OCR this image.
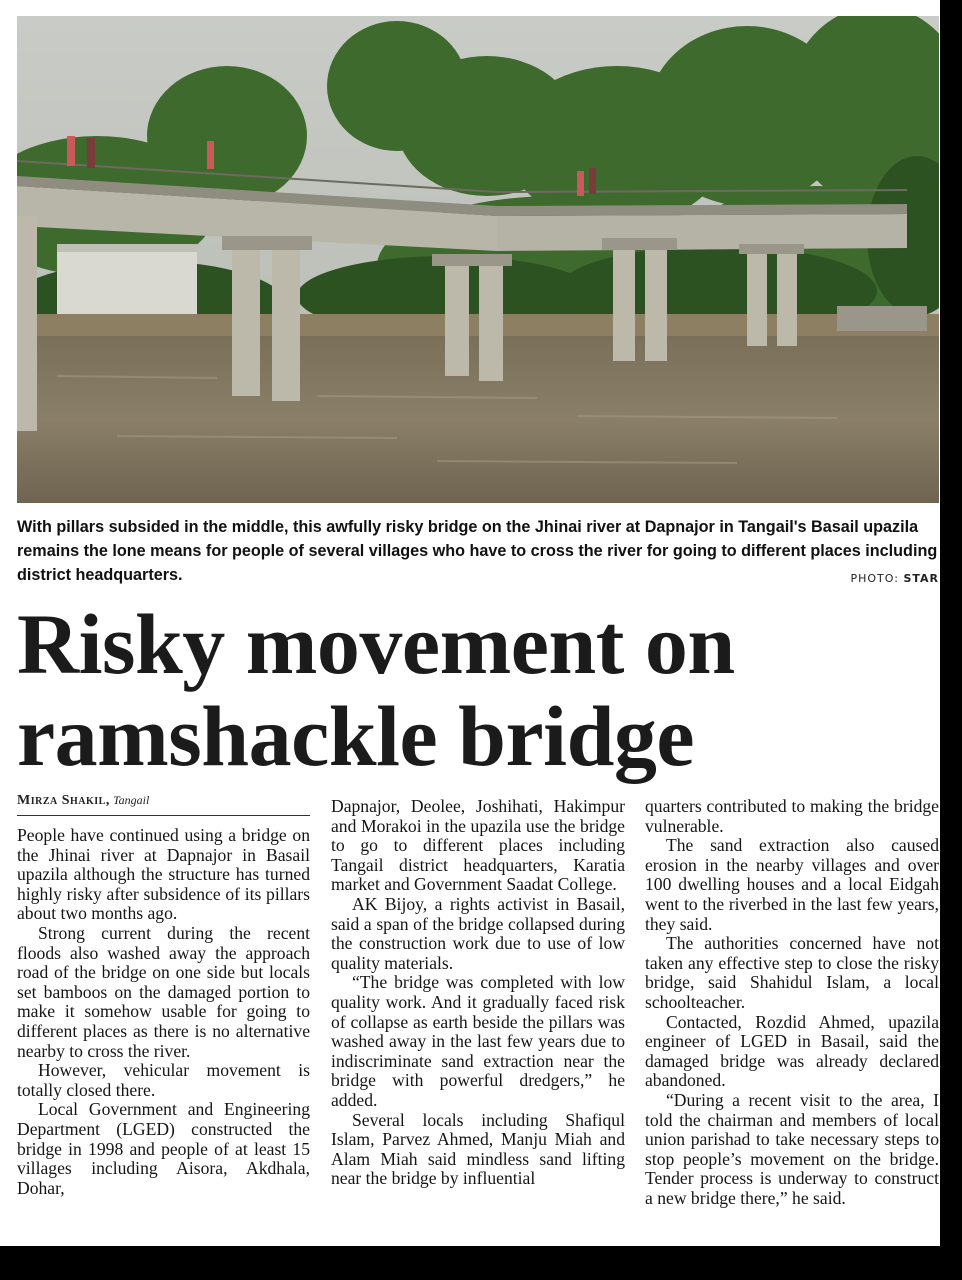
With pillars subsided in the middle, this awfully risky bridge on the Jhinai river at Dapnajor in Tangail's Basail upazila remains the lone means for people of several villages who have to cross the river for going to different places including district headquarters.	PHOTO: STAR
Risky movement on
ramshackle bridge
Mirza Shakil, Tangail

People have continued using a bridge on the Jhinai river at Dapnajor in Basail upazila although the structure has turned highly risky after subsidence of its pillars about two months ago.

Strong current during the recent floods also washed away the approach road of the bridge on one side but locals set bamboos on the damaged portion to make it somehow usable for going to different places as there is no alternative nearby to cross the river.

However, vehicular movement is totally closed there.

Local Government and Engineering Department (LGED) constructed the bridge in 1998 and people of at least 15 villages including Aisora, Akdhala, Dohar,

Dapnajor, Deolee, Joshihati, Hakimpur and Morakoi in the upazila use the bridge to go to different places including Tangail district headquarters, Karatia market and Government Saadat College.

AK Bijoy, a rights activist in Basail, said a span of the bridge collapsed during the construction work due to use of low quality materials.

“The bridge was completed with low quality work. And it gradually faced risk of collapse as earth beside the pillars was washed away in the last few years due to indiscriminate sand extraction near the bridge with powerful dredgers,” he added.

Several locals including Shafiqul Islam, Parvez Ahmed, Manju Miah and Alam Miah said mindless sand lifting near the bridge by influential

quarters contributed to making the bridge vulnerable.

The sand extraction also caused erosion in the nearby villages and over 100 dwelling houses and a local Eidgah went to the riverbed in the last few years, they said.

The authorities concerned have not taken any effective step to close the risky bridge, said Shahidul Islam, a local schoolteacher.

Contacted, Rozdid Ahmed, upazila engineer of LGED in Basail, said the damaged bridge was already declared abandoned.

“During a recent visit to the area, I told the chairman and members of local union parishad to take necessary steps to stop people’s movement on the bridge. Tender process is underway to construct a new bridge there,” he said.
